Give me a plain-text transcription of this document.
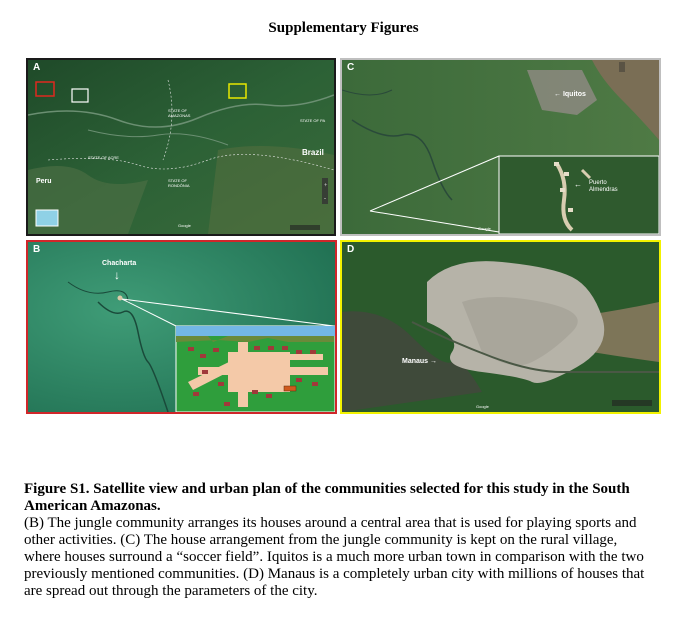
Supplementary Figures
+
-
A
Brazil
Peru
STATE OF
AMAZONAS
STATE OF ACRE
STATE OF
RONDÔNIA
STATE OF PA
Google
B
Chacharta
↓
C
← Iquitos
Puerto
Almendras
←
Google
D
Manaus →
Google
Figure S1. Satellite view and urban plan of the communities selected for this study in the South American Amazonas.
(B) The jungle community arranges its houses around a central area that is used for playing sports and other activities. (C) The house arrangement from the jungle community is kept on the rural village, where houses surround a “soccer field”. Iquitos is a much more urban town in comparison with the two previously mentioned communities. (D) Manaus is a completely urban city with millions of houses that are spread out through the parameters of the city.
